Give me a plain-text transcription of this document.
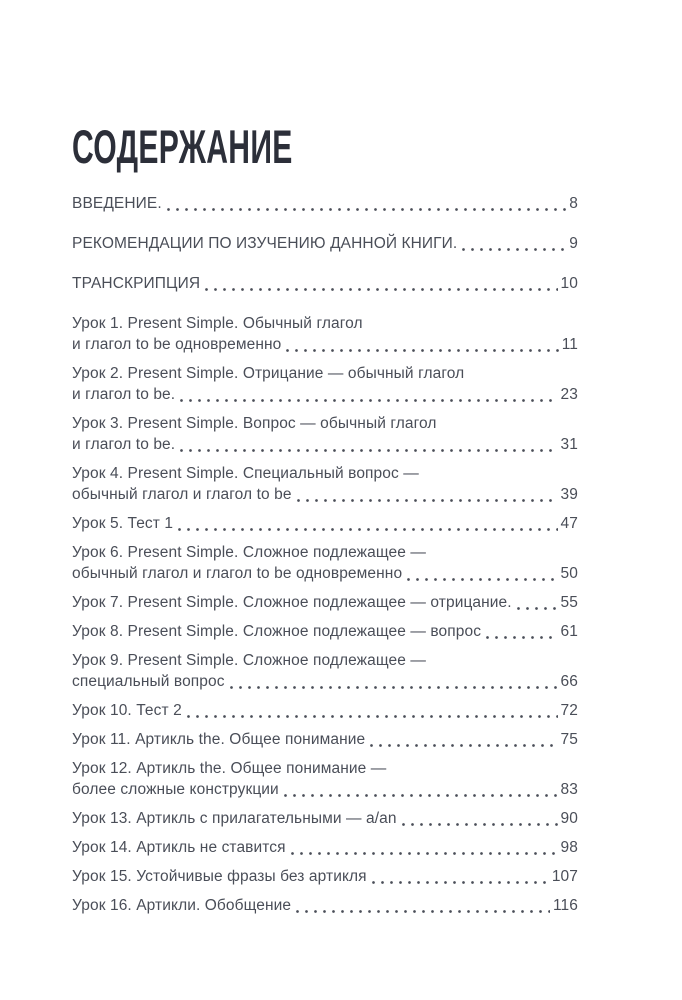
СОДЕРЖАНИЕ
ВВЕДЕНИЕ.	8
РЕКОМЕНДАЦИИ ПО ИЗУЧЕНИЮ ДАННОЙ КНИГИ.	9
ТРАНСКРИПЦИЯ	10
Урок 1. Present Simple. Обычный глагол
и глагол to be одновременно	11
Урок 2. Present Simple. Отрицание — обычный глагол
и глагол to be.	23
Урок 3. Present Simple. Вопрос — обычный глагол
и глагол to be.	31
Урок 4. Present Simple. Специальный вопрос —
обычный глагол и глагол to be	39
Урок 5. Тест 1	47
Урок 6. Present Simple. Сложное подлежащее —
обычный глагол и глагол to be одновременно	50
Урок 7. Present Simple. Сложное подлежащее — отрицание.	55
Урок 8. Present Simple. Сложное подлежащее — вопрос	61
Урок 9. Present Simple. Сложное подлежащее —
специальный вопрос	66
Урок 10. Тест 2	72
Урок 11. Артикль the. Общее понимание	75
Урок 12. Артикль the. Общее понимание —
более сложные конструкции	83
Урок 13. Артикль с прилагательными — a/an	90
Урок 14. Артикль не ставится	98
Урок 15. Устойчивые фразы без артикля	107
Урок 16. Артикли. Обобщение	116
